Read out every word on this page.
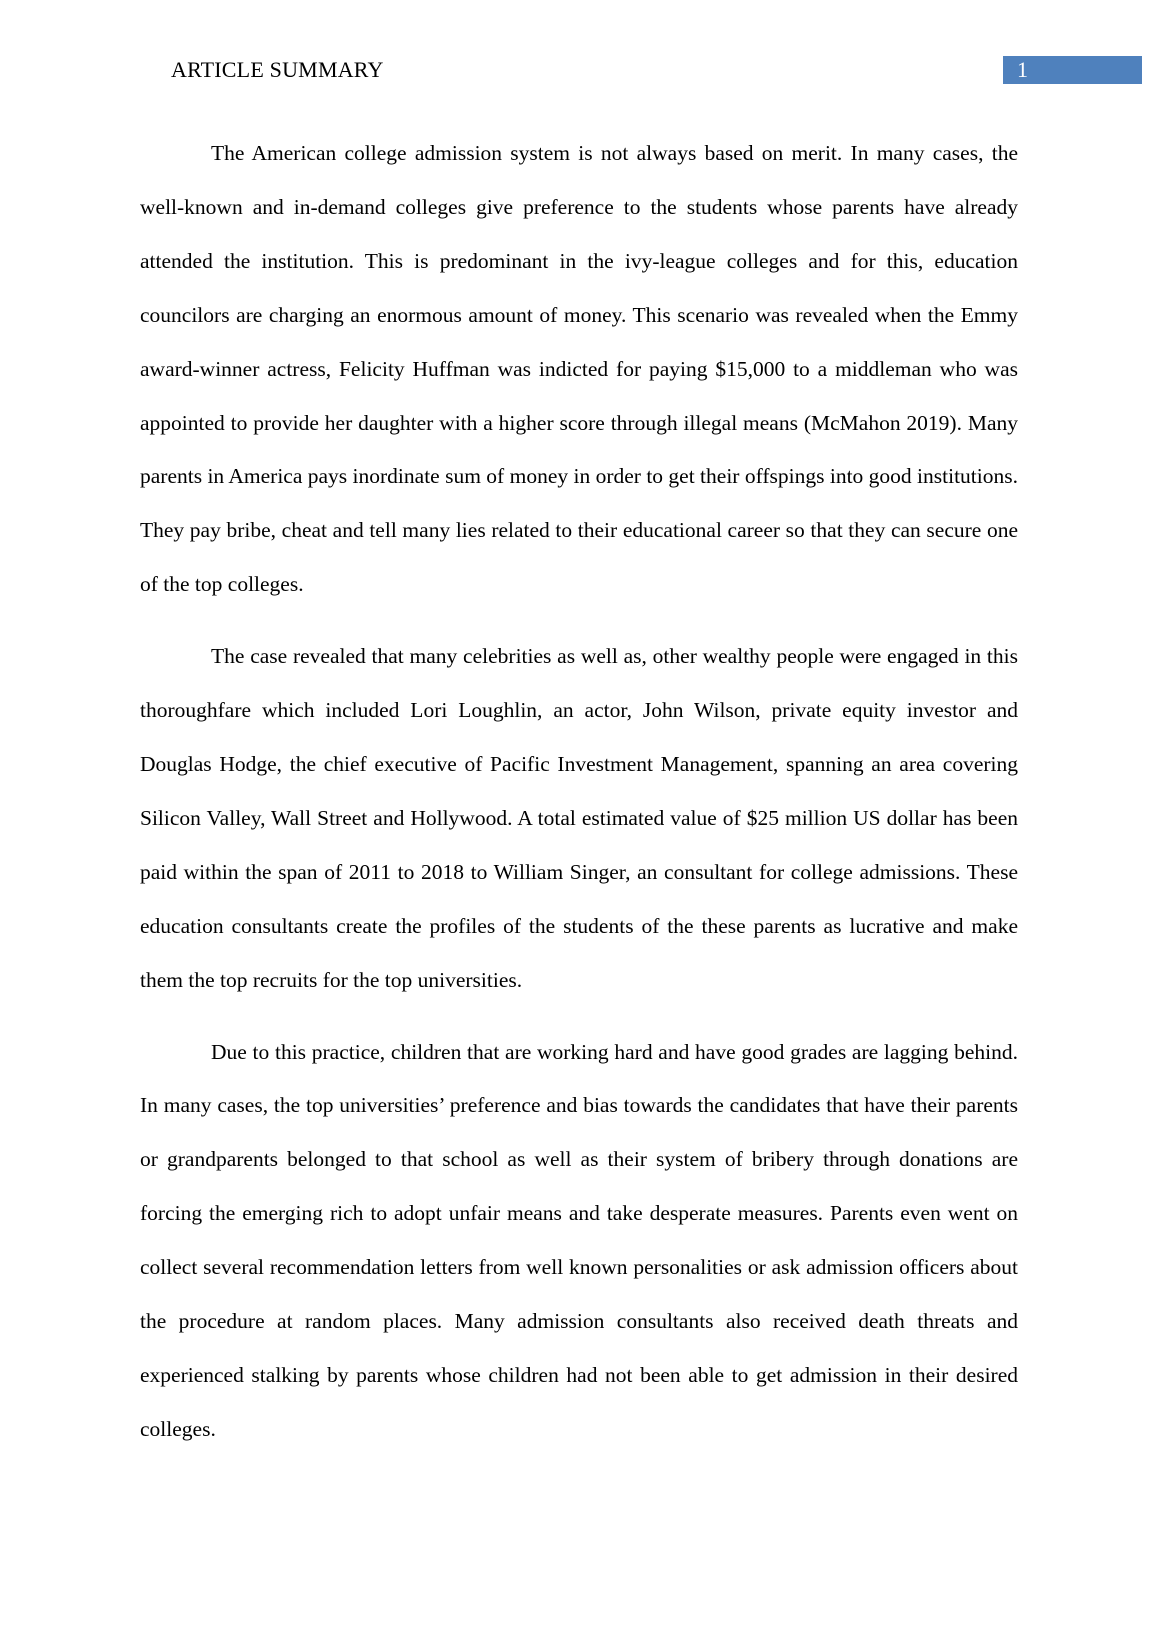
ARTICLE SUMMARY	1

The American college admission system is not always based on merit. In many cases, the well-known and in-demand colleges give preference to the students whose parents have already attended the institution. This is predominant in the ivy-league colleges and for this, education councilors are charging an enormous amount of money. This scenario was revealed when the Emmy award-winner actress, Felicity Huffman was indicted for paying $15,000 to a middleman who was appointed to provide her daughter with a higher score through illegal means (McMahon 2019). Many parents in America pays inordinate sum of money in order to get their offspings into good institutions. They pay bribe, cheat and tell many lies related to their educational career so that they can secure one of the top colleges.

The case revealed that many celebrities as well as, other wealthy people were engaged in this thoroughfare which included Lori Loughlin, an actor, John Wilson, private equity investor and Douglas Hodge, the chief executive of Pacific Investment Management, spanning an area covering Silicon Valley, Wall Street and Hollywood. A total estimated value of $25 million US dollar has been paid within the span of 2011 to 2018 to William Singer, an consultant for college admissions. These education consultants create the profiles of the students of the these parents as lucrative and make them the top recruits for the top universities.

Due to this practice, children that are working hard and have good grades are lagging behind. In many cases, the top universities’ preference and bias towards the candidates that have their parents or grandparents belonged to that school as well as their system of bribery through donations are forcing the emerging rich to adopt unfair means and take desperate measures. Parents even went on collect several recommendation letters from well known personalities or ask admission officers about the procedure at random places. Many admission consultants also received death threats and experienced stalking by parents whose children had not been able to get admission in their desired colleges.
